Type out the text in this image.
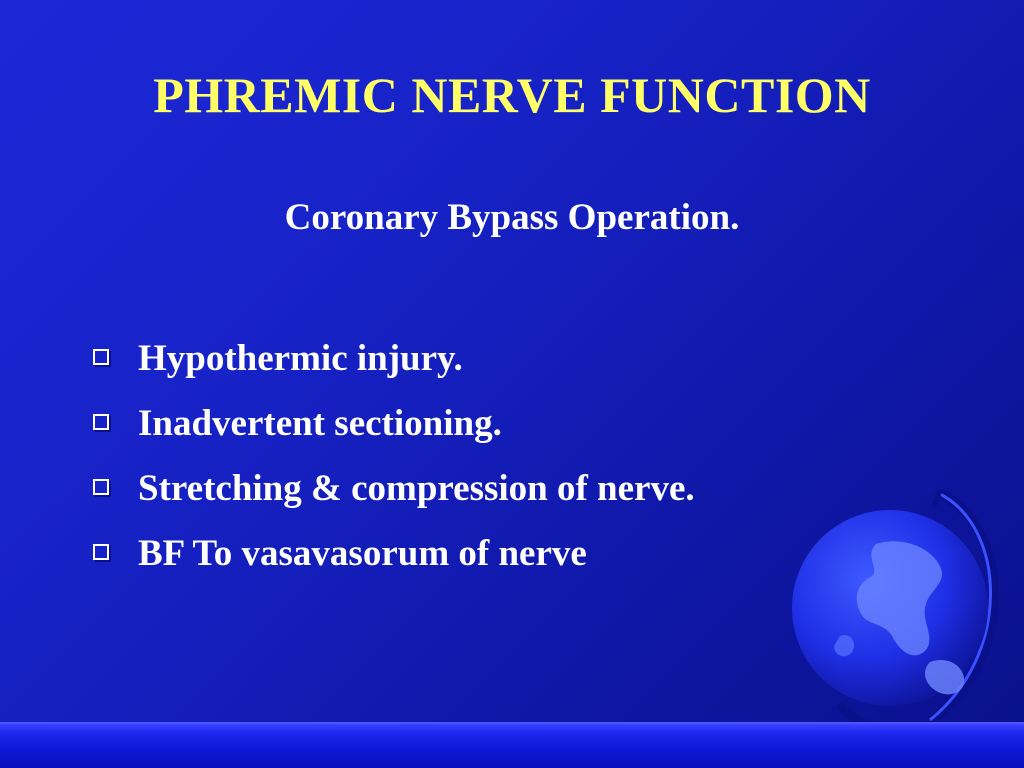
PHREMIC NERVE FUNCTION
Coronary Bypass Operation.
Hypothermic injury.
Inadvertent sectioning.
Stretching & compression of nerve.
BF To vasavasorum of nerve
